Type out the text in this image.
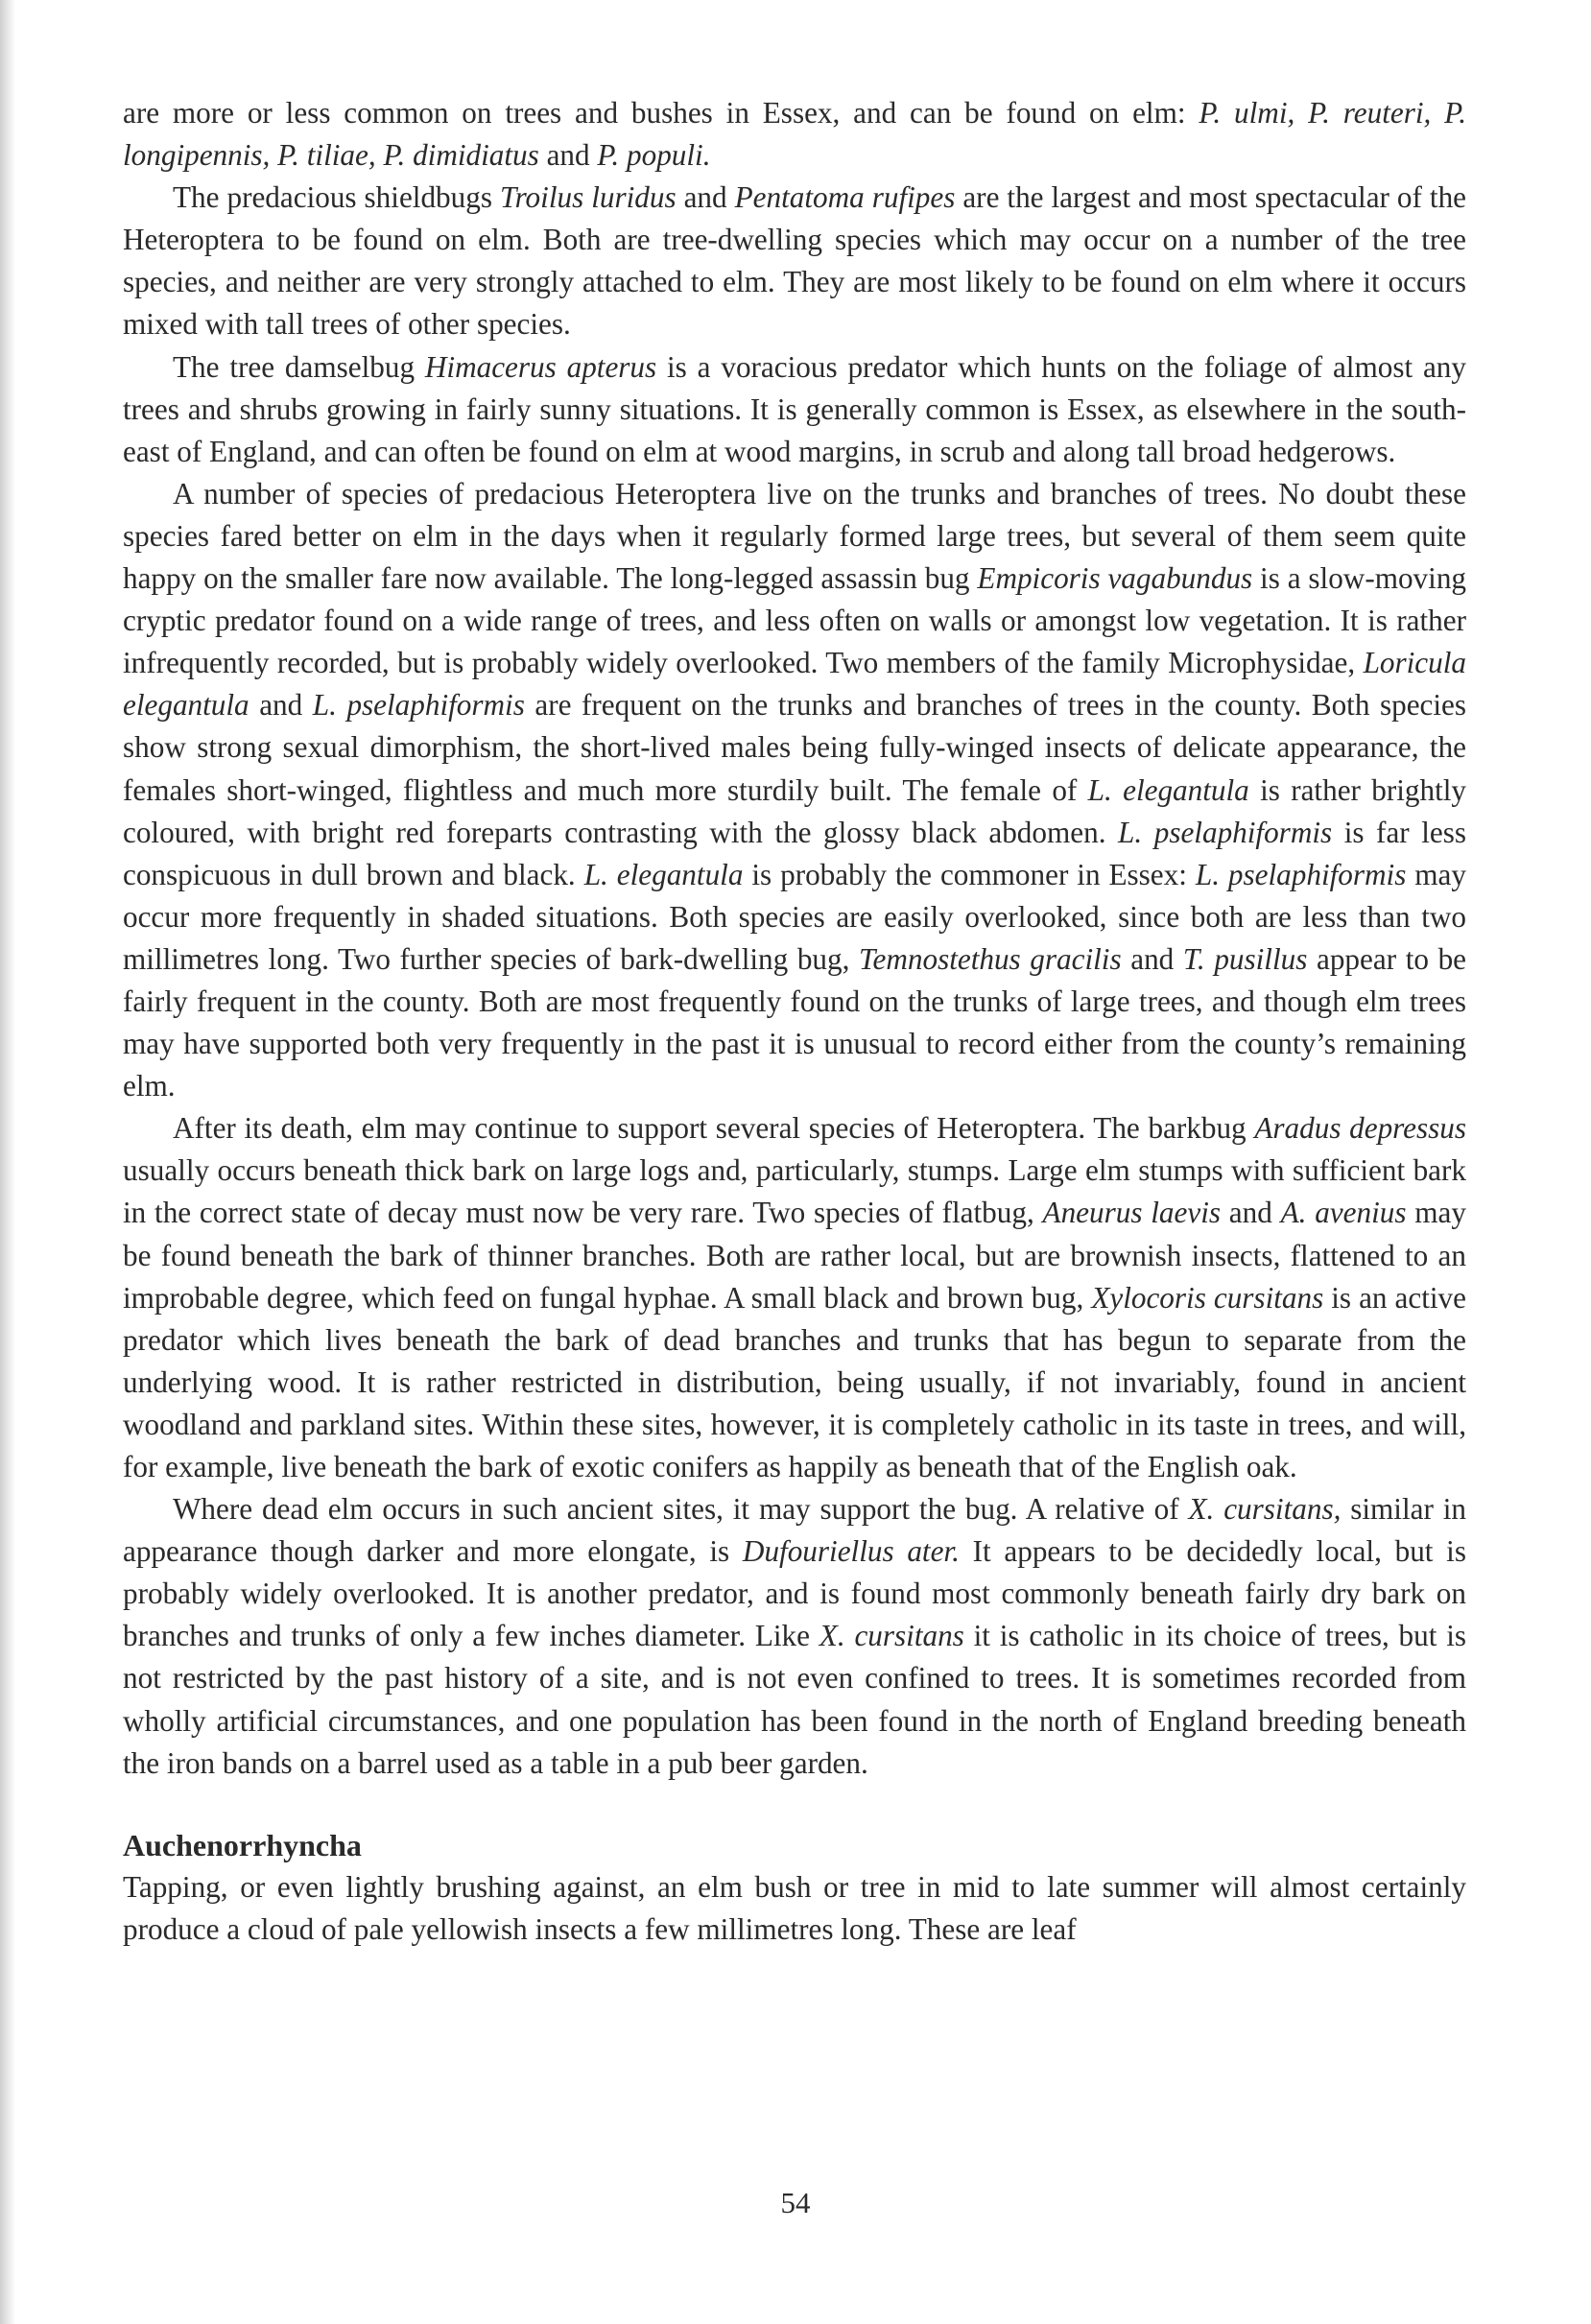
are more or less common on trees and bushes in Essex, and can be found on elm: P. ulmi, P. reuteri, P. longipennis, P. tiliae, P. dimidiatus and P. populi.

The predacious shieldbugs Troilus luridus and Pentatoma rufipes are the largest and most spectacular of the Heteroptera to be found on elm. Both are tree-dwelling species which may occur on a number of the tree species, and neither are very strongly attached to elm. They are most likely to be found on elm where it occurs mixed with tall trees of other species.

The tree damselbug Himacerus apterus is a voracious predator which hunts on the foliage of almost any trees and shrubs growing in fairly sunny situations. It is generally common is Essex, as elsewhere in the south-east of England, and can often be found on elm at wood margins, in scrub and along tall broad hedgerows.

A number of species of predacious Heteroptera live on the trunks and branches of trees. No doubt these species fared better on elm in the days when it regularly formed large trees, but several of them seem quite happy on the smaller fare now available. The long-legged assassin bug Empicoris vagabundus is a slow-moving cryptic predator found on a wide range of trees, and less often on walls or amongst low vegetation. It is rather infrequently recorded, but is probably widely overlooked. Two members of the family Microphysidae, Loricula elegantula and L. pselaphiformis are frequent on the trunks and branches of trees in the county. Both species show strong sexual dimorphism, the short-lived males being fully-winged insects of delicate appearance, the females short-winged, flightless and much more sturdily built. The female of L. elegantula is rather brightly coloured, with bright red foreparts contrasting with the glossy black abdomen. L. pselaphiformis is far less conspicuous in dull brown and black. L. elegantula is probably the commoner in Essex: L. pselaphiformis may occur more frequently in shaded situations. Both species are easily overlooked, since both are less than two millimetres long. Two further species of bark-dwelling bug, Temnostethus gracilis and T. pusillus appear to be fairly frequent in the county. Both are most frequently found on the trunks of large trees, and though elm trees may have supported both very frequently in the past it is unusual to record either from the county’s remaining elm.

After its death, elm may continue to support several species of Heteroptera. The barkbug Aradus depressus usually occurs beneath thick bark on large logs and, particularly, stumps. Large elm stumps with sufficient bark in the correct state of decay must now be very rare. Two species of flatbug, Aneurus laevis and A. avenius may be found beneath the bark of thinner branches. Both are rather local, but are brownish insects, flattened to an improbable degree, which feed on fungal hyphae. A small black and brown bug, Xylocoris cursitans is an active predator which lives beneath the bark of dead branches and trunks that has begun to separate from the underlying wood. It is rather restricted in distribution, being usually, if not invariably, found in ancient woodland and parkland sites. Within these sites, however, it is completely catholic in its taste in trees, and will, for example, live beneath the bark of exotic conifers as happily as beneath that of the English oak.

Where dead elm occurs in such ancient sites, it may support the bug. A relative of X. cursitans, similar in appearance though darker and more elongate, is Dufouriellus ater. It appears to be decidedly local, but is probably widely overlooked. It is another predator, and is found most commonly beneath fairly dry bark on branches and trunks of only a few inches diameter. Like X. cursitans it is catholic in its choice of trees, but is not restricted by the past history of a site, and is not even confined to trees. It is sometimes recorded from wholly artificial circumstances, and one population has been found in the north of England breeding beneath the iron bands on a barrel used as a table in a pub beer garden.

Auchenorrhyncha

Tapping, or even lightly brushing against, an elm bush or tree in mid to late summer will almost certainly produce a cloud of pale yellowish insects a few millimetres long. These are leaf

54
